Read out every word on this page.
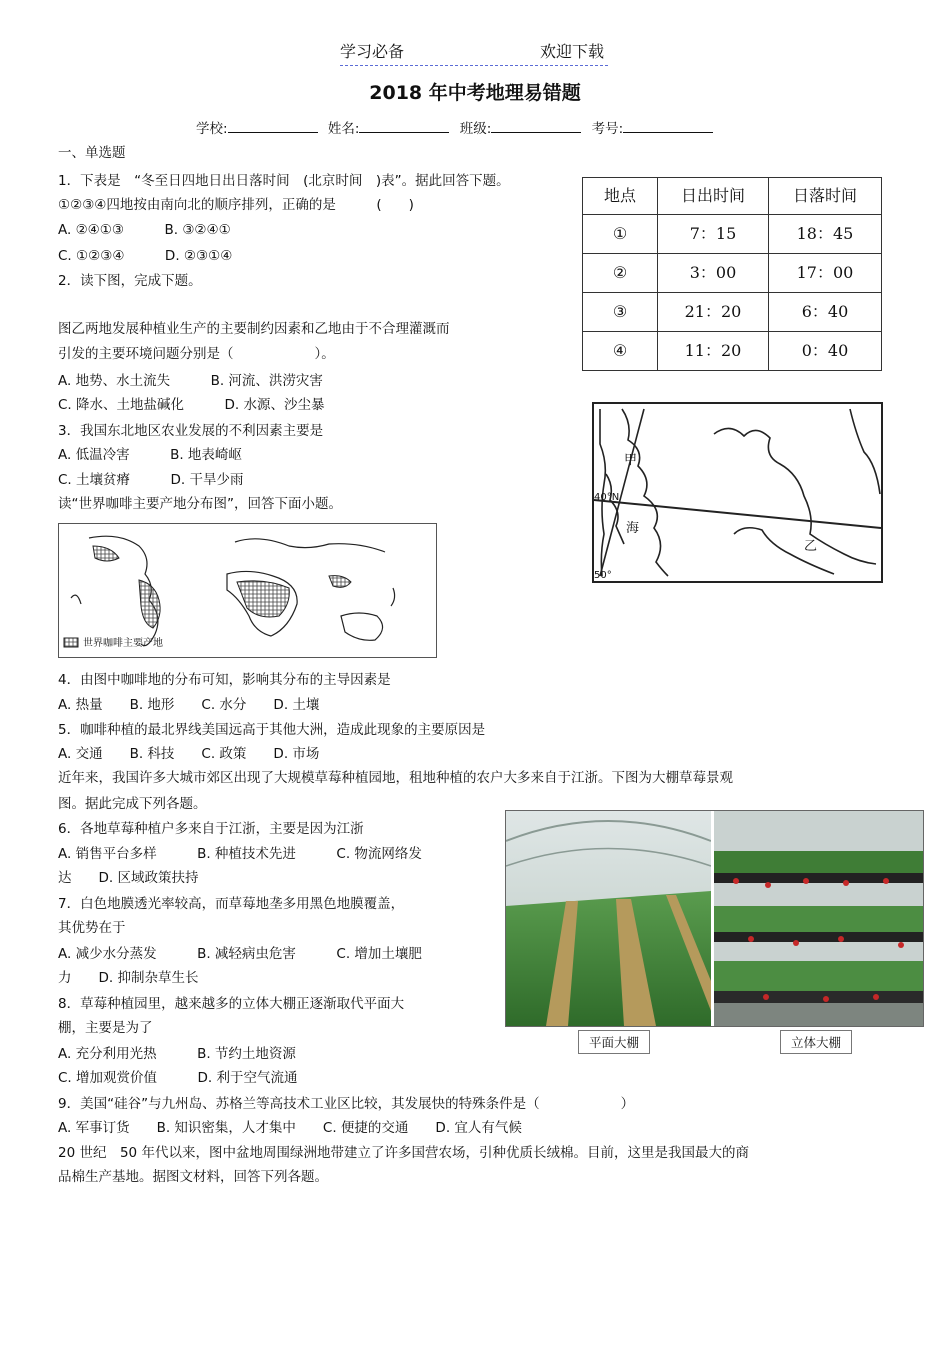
学习必备	欢迎下载
2018 年中考地理易错题
学校:	姓名:	班级:	考号:
一、单选题
1．下表是　“冬至日四地日出日落时间　(北京时间　)表”。据此回答下题。
①②③④四地按由南向北的顺序排列，正确的是　　　(　　)
A. ②④①③　　　B. ③②④①
C. ①②③④　　　D. ②③①④
2．读下图，完成下题。
图乙两地发展种植业生产的主要制约因素和乙地由于不合理灌溉而
引发的主要环境问题分别是（　　　　　　）。
A. 地势、水土流失　　　B. 河流、洪涝灾害
C. 降水、土地盐碱化　　　D. 水源、沙尘暴
3．我国东北地区农业发展的不利因素主要是
A. 低温冷害　　　B. 地表崎岖
C. 土壤贫瘠　　　D. 干旱少雨
读“世界咖啡主要产地分布图”，回答下面小题。
4．由图中咖啡地的分布可知，影响其分布的主导因素是
A. 热量　　B. 地形　　C. 水分　　D. 土壤
5．咖啡种植的最北界线美国远高于其他大洲，造成此现象的主要原因是
A. 交通　　B. 科技　　C. 政策　　D. 市场
近年来，我国许多大城市郊区出现了大规模草莓种植园地，租地种植的农户大多来自于江浙。下图为大棚草莓景观
图。据此完成下列各题。
6．各地草莓种植户多来自于江浙，主要是因为江浙
A. 销售平台多样　　　B. 种植技术先进　　　C. 物流网络发
达　　D. 区域政策扶持
7．白色地膜透光率较高，而草莓地垄多用黑色地膜覆盖，
其优势在于
A. 减少水分蒸发　　　B. 减轻病虫危害　　　C. 增加土壤肥
力　　D. 抑制杂草生长
8．草莓种植园里，越来越多的立体大棚正逐渐取代平面大
棚，主要是为了
A. 充分利用光热　　　B. 节约土地资源
C. 增加观赏价值　　　D. 利于空气流通
9．美国“硅谷”与九州岛、苏格兰等高技术工业区比较，其发展快的特殊条件是（　　　　　　）
A. 军事订货　　B. 知识密集，人才集中　　C. 便捷的交通　　D. 宜人有气候
20 世纪　50 年代以来，图中盆地周围绿洲地带建立了许多国营农场，引种优质长绒棉。目前，这里是我国最大的商
品棉生产基地。据图文材料，回答下列各题。
地点	日出时间	日落时间
①	7：15	18：45
②	3：00	17：00
③	21：20	6：40
④	11：20	0：40
甲
海
乙
40°N
50°
世界咖啡主要产地
平面大棚	立体大棚
